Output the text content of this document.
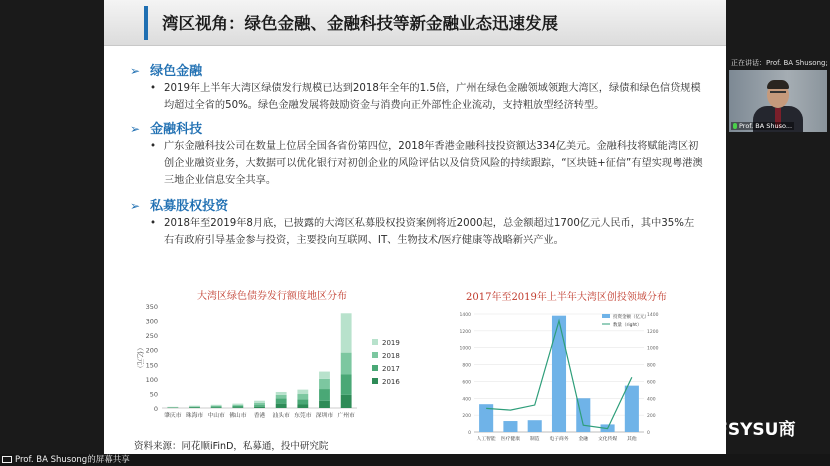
湾区视角：绿色金融、金融科技等新金融业态迅速发展
➢ 绿色金融
• 2019年上半年大湾区绿债发行规模已达到2018年全年的1.5倍，广州在绿色金融领域领跑大湾区，绿债和绿色信贷规模均超过全省的50%。绿色金融发展将鼓励资金与消费向正外部性企业流动，支持粗放型经济转型。
➢ 金融科技
• 广东金融科技公司在数量上位居全国各省份第四位，2018年香港金融科技投资额达334亿美元。金融科技将赋能湾区初创企业融资业务，大数据可以优化银行对初创企业的风险评估以及信贷风险的持续跟踪，“区块链+征信”有望实现粤港澳三地企业信息安全共享。
➢ 私募股权投资
• 2018年至2019年8月底，已披露的大湾区私募股权投资案例将近2000起，总金额超过1700亿元人民币，其中35%左右有政府引导基金参与投资，主要投向互联网、IT、生物技术/医疗健康等战略新兴产业。
大湾区绿色债券发行额度地区分布
0
50
100
150
200
250
300
350
（亿元）
肇庆市 珠海市 中山市 佛山市 香港 汕头市 东莞市 深圳市 广州市
2019
2018
2017
2016
2017年至2019年上半年大湾区创投领域分布
0
200
400
600
800
1000
1200
1400
0
200
400
600
800
1000
1200
1400
人工智能 医疗健康 制造 电子商务 金融 文化传媒 其他
投资金额（亿元）
数量（right）
资料来源：同花顺iFinD，私募通，投中研究院
正在讲话：Prof. BA Shusong;
Prof. BA Shuso...
NFSYSU商
Prof. BA Shusong的屏幕共享
